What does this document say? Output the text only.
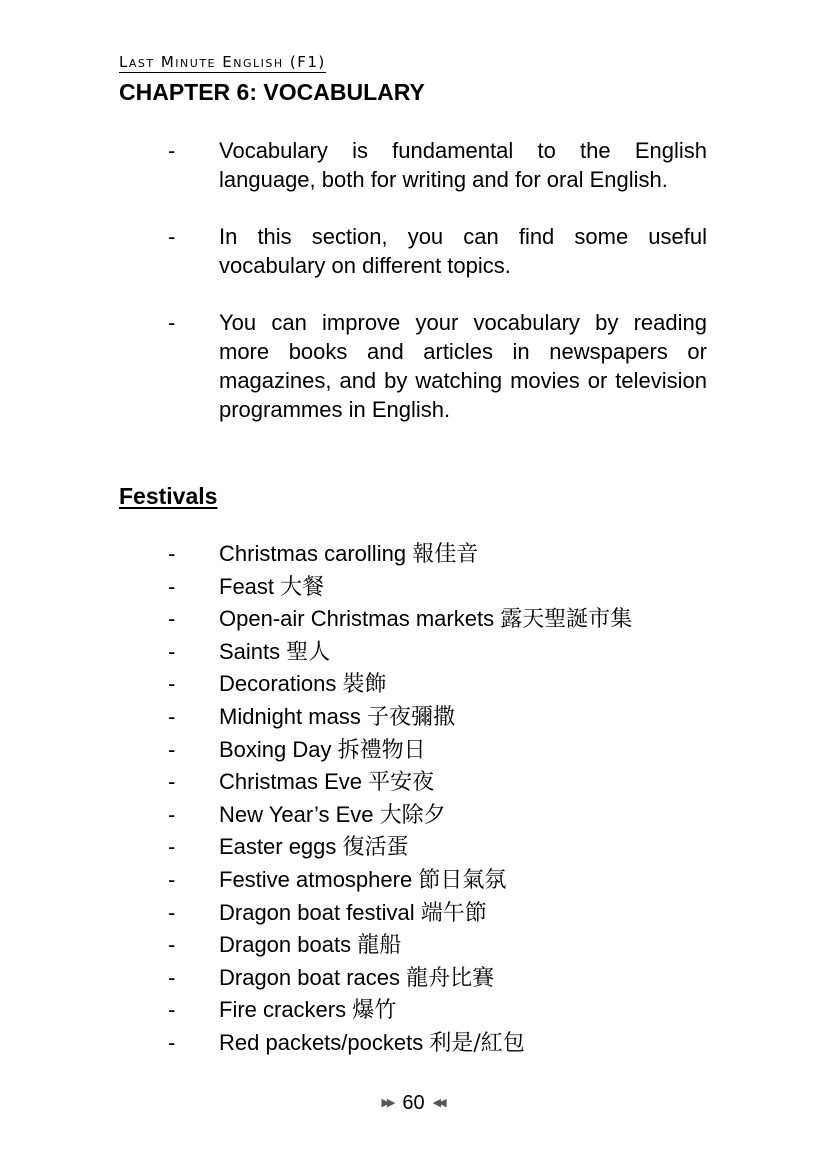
Last Minute English (F1)
CHAPTER 6: VOCABULARY
- Vocabulary is fundamental to the English language, both for writing and for oral English.
- In this section, you can find some useful vocabulary on different topics.
- You can improve your vocabulary by reading more books and articles in newspapers or magazines, and by watching movies or television programmes in English.
Festivals
- Christmas carolling 報佳音
- Feast 大餐
- Open-air Christmas markets 露天聖誕市集
- Saints 聖人
- Decorations 裝飾
- Midnight mass 子夜彌撒
- Boxing Day 拆禮物日
- Christmas Eve 平安夜
- New Year’s Eve 大除夕
- Easter eggs 復活蛋
- Festive atmosphere 節日氣氛
- Dragon boat festival 端午節
- Dragon boats 龍船
- Dragon boat races 龍舟比賽
- Fire crackers 爆竹
- Red packets/pockets 利是/紅包
▶▶ 60 ◀◀
